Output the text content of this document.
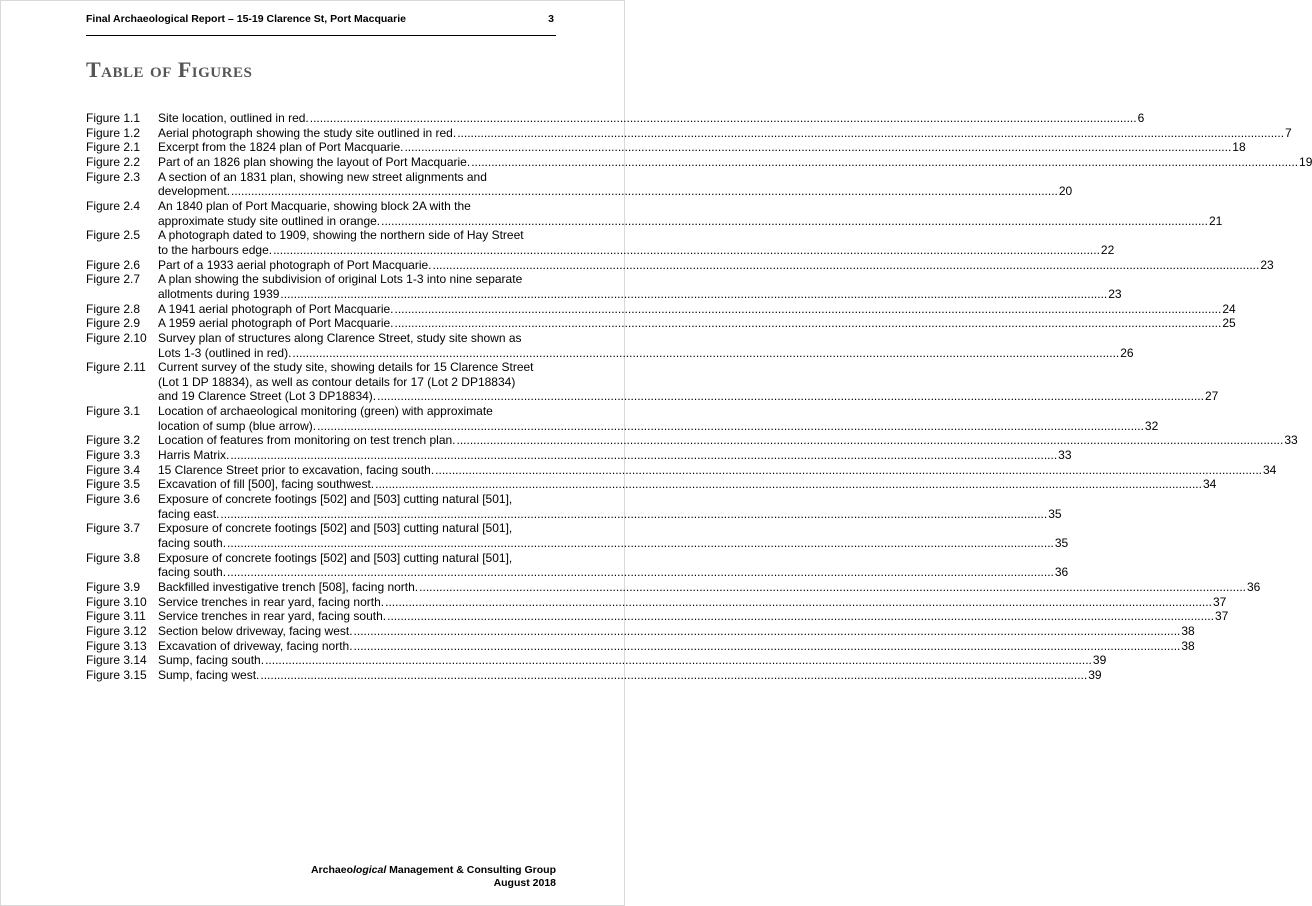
Final Archaeological Report – 15-19 Clarence St, Port Macquarie	3
Table of Figures
Figure 1.1	Site location, outlined in red. .....	6
Figure 1.2	Aerial photograph showing the study site outlined in red. .....	7
Figure 2.1	Excerpt from the 1824 plan of Port Macquarie. .....	18
Figure 2.2	Part of an 1826 plan showing the layout of Port Macquarie. .....	19
Figure 2.3	A section of an 1831 plan, showing new street alignments and
development. .....	20
Figure 2.4	An 1840 plan of Port Macquarie, showing block 2A with the
approximate study site outlined in orange. .....	21
Figure 2.5	A photograph dated to 1909, showing the northern side of Hay Street
to the harbours edge. .....	22
Figure 2.6	Part of a 1933 aerial photograph of Port Macquarie. .....	23
Figure 2.7	A plan showing the subdivision of original Lots 1-3 into nine separate
allotments during 1939 .....	23
Figure 2.8	A 1941 aerial photograph of Port Macquarie. .....	24
Figure 2.9	A 1959 aerial photograph of Port Macquarie. .....	25
Figure 2.10 Survey plan of structures along Clarence Street, study site shown as
Lots 1-3 (outlined in red). .....	26
Figure 2.11	Current survey of the study site, showing details for 15 Clarence Street
(Lot 1 DP 18834), as well as contour details for 17 (Lot 2 DP18834)
and 19 Clarence Street (Lot 3 DP18834). .....	27
Figure 3.1	Location of archaeological monitoring (green) with approximate
location of sump (blue arrow). .....	32
Figure 3.2	Location of features from monitoring on test trench plan. .....	33
Figure 3.3	Harris Matrix. .....	33
Figure 3.4	15 Clarence Street prior to excavation, facing south. .....	34
Figure 3.5	Excavation of fill [500], facing southwest. .....	34
Figure 3.6	Exposure of concrete footings [502] and [503] cutting natural [501],
facing east. .....	35
Figure 3.7	Exposure of concrete footings [502] and [503] cutting natural [501],
facing south. .....	35
Figure 3.8	Exposure of concrete footings [502] and [503] cutting natural [501],
facing south. .....	36
Figure 3.9	Backfilled investigative trench [508], facing north. .....	36
Figure 3.10 Service trenches in rear yard, facing north. .....	37
Figure 3.11	Service trenches in rear yard, facing south. .....	37
Figure 3.12 Section below driveway, facing west. .....	38
Figure 3.13 Excavation of driveway, facing north. .....	38
Figure 3.14 Sump, facing south. .....	39
Figure 3.15 Sump, facing west. .....	39
Archaeological Management & Consulting Group
August 2018
